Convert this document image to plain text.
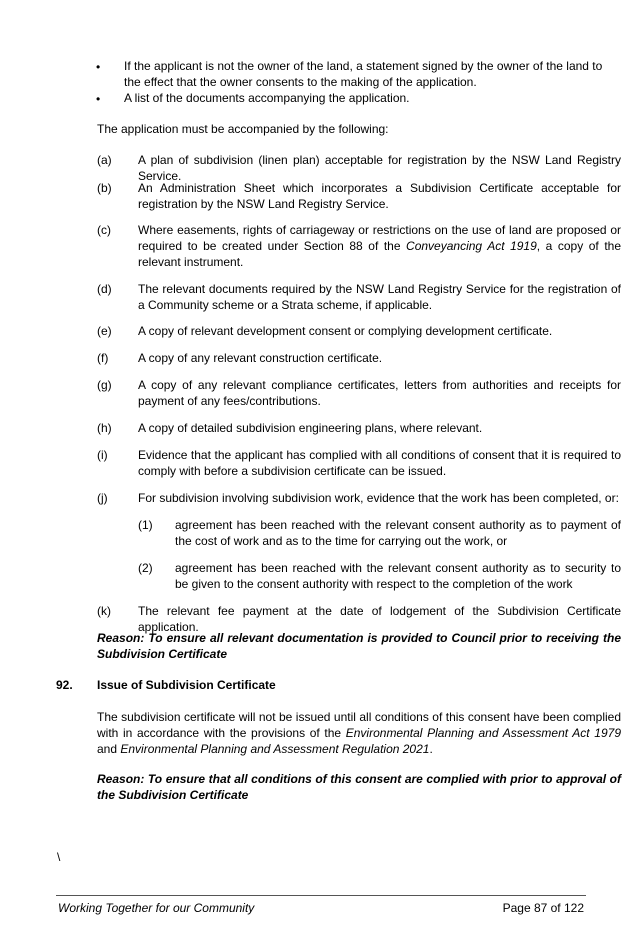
• If the applicant is not the owner of the land, a statement signed by the owner of the land to the effect that the owner consents to the making of the application.
• A list of the documents accompanying the application.
The application must be accompanied by the following:
(a) A plan of subdivision (linen plan) acceptable for registration by the NSW Land Registry Service.
(b) An Administration Sheet which incorporates a Subdivision Certificate acceptable for registration by the NSW Land Registry Service.
(c) Where easements, rights of carriageway or restrictions on the use of land are proposed or required to be created under Section 88 of the Conveyancing Act 1919, a copy of the relevant instrument.
(d) The relevant documents required by the NSW Land Registry Service for the registration of a Community scheme or a Strata scheme, if applicable.
(e) A copy of relevant development consent or complying development certificate.
(f) A copy of any relevant construction certificate.
(g) A copy of any relevant compliance certificates, letters from authorities and receipts for payment of any fees/contributions.
(h) A copy of detailed subdivision engineering plans, where relevant.
(i)	Evidence that the applicant has complied with all conditions of consent that it is required to comply with before a subdivision certificate can be issued.
(j)	For subdivision involving subdivision work, evidence that the work has been completed, or:
(1) agreement has been reached with the relevant consent authority as to payment of the cost of work and as to the time for carrying out the work, or
(2) agreement has been reached with the relevant consent authority as to security to be given to the consent authority with respect to the completion of the work
(k) The relevant fee payment at the date of lodgement of the Subdivision Certificate application.
Reason: To ensure all relevant documentation is provided to Council prior to receiving the Subdivision Certificate
92. Issue of Subdivision Certificate
The subdivision certificate will not be issued until all conditions of this consent have been complied with in accordance with the provisions of the Environmental Planning and Assessment Act 1979 and Environmental Planning and Assessment Regulation 2021.
Reason: To ensure that all conditions of this consent are complied with prior to approval of the Subdivision Certificate
\
Working Together for our Community	Page 87 of 122
